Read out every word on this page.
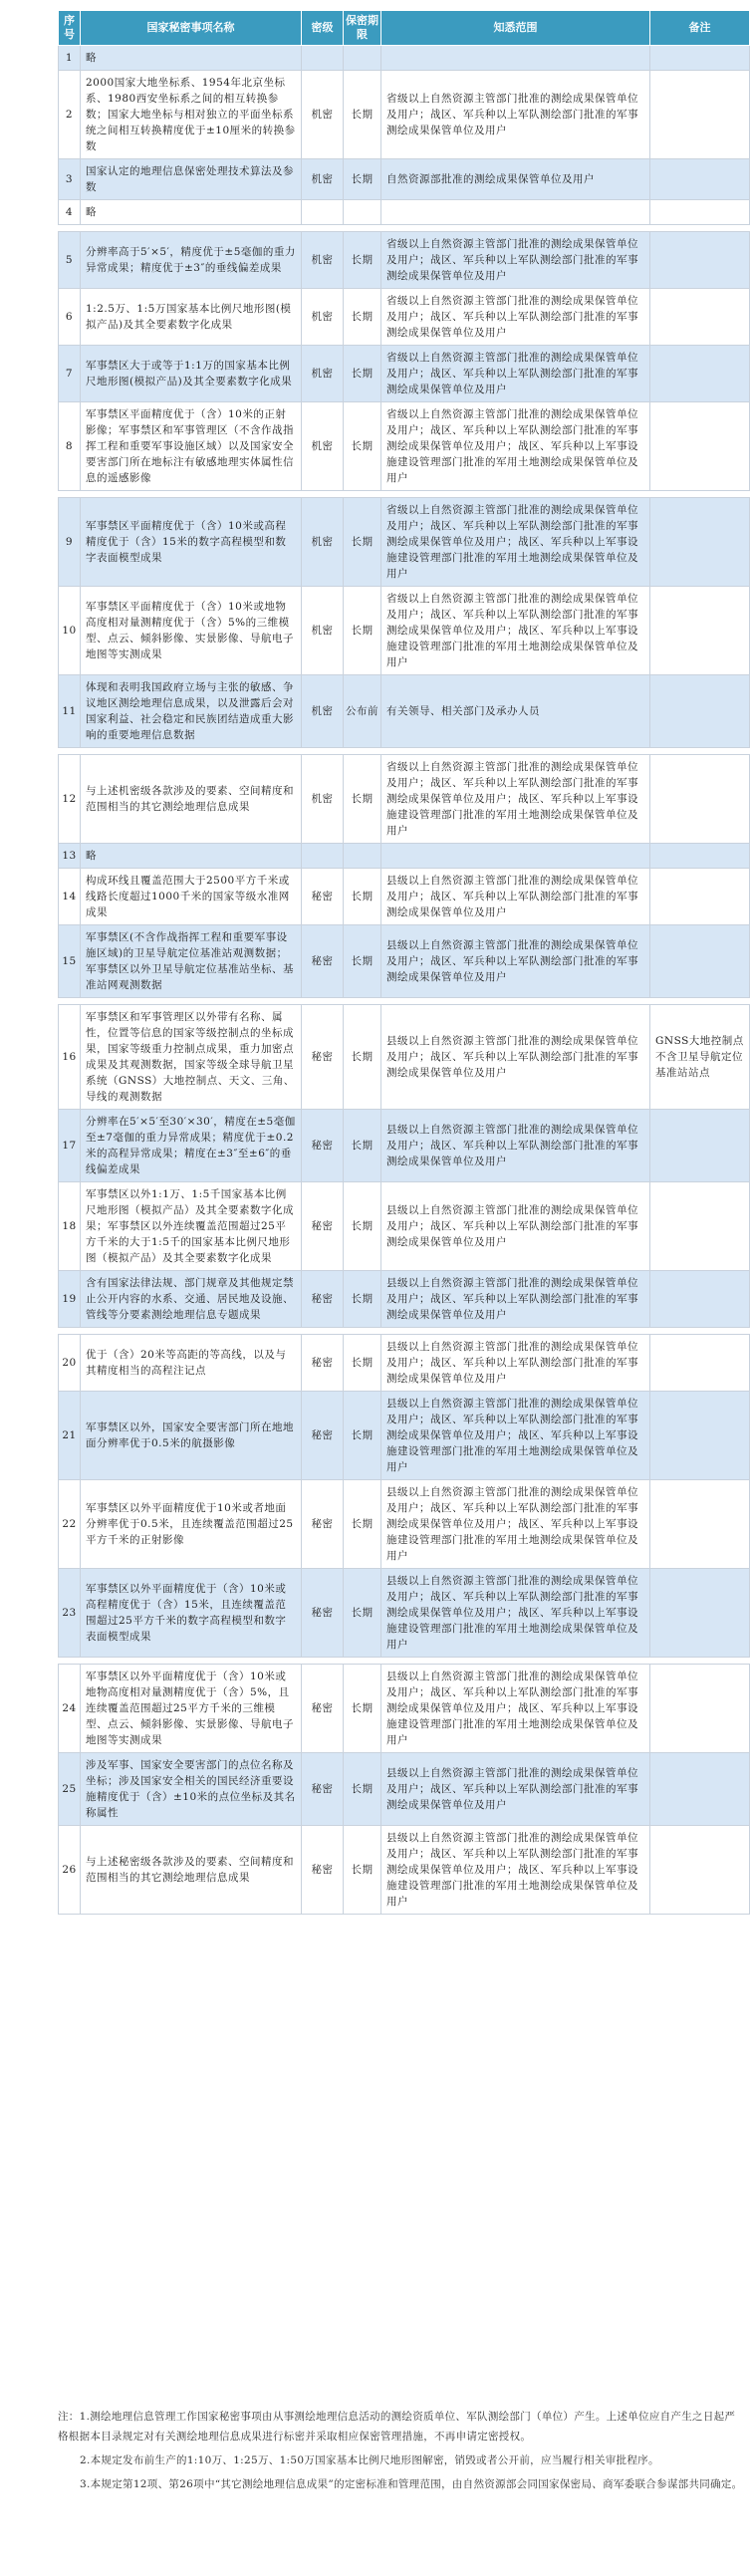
序号	国家秘密事项名称	密级	保密期限	知悉范围	备注
1	略				
2	2000国家大地坐标系、1954年北京坐标系、1980西安坐标系之间的相互转换参数；国家大地坐标与相对独立的平面坐标系统之间相互转换精度优于±10厘米的转换参数	机密	长期	省级以上自然资源主管部门批准的测绘成果保管单位及用户；战区、军兵种以上军队测绘部门批准的军事测绘成果保管单位及用户	
3	国家认定的地理信息保密处理技术算法及参数	机密	长期	自然资源部批准的测绘成果保管单位及用户	
4	略				

5	分辨率高于5′×5′，精度优于±5毫伽的重力异常成果；精度优于±3″的垂线偏差成果	机密	长期	省级以上自然资源主管部门批准的测绘成果保管单位及用户；战区、军兵种以上军队测绘部门批准的军事测绘成果保管单位及用户	
6	1:2.5万、1:5万国家基本比例尺地形图(模拟产品)及其全要素数字化成果	机密	长期	省级以上自然资源主管部门批准的测绘成果保管单位及用户；战区、军兵种以上军队测绘部门批准的军事测绘成果保管单位及用户	
7	军事禁区大于或等于1:1万的国家基本比例尺地形图(模拟产品)及其全要素数字化成果	机密	长期	省级以上自然资源主管部门批准的测绘成果保管单位及用户；战区、军兵种以上军队测绘部门批准的军事测绘成果保管单位及用户	
8	军事禁区平面精度优于（含）10米的正射影像；军事禁区和军事管理区（不含作战指挥工程和重要军事设施区域）以及国家安全要害部门所在地标注有敏感地理实体属性信息的遥感影像	机密	长期	省级以上自然资源主管部门批准的测绘成果保管单位及用户；战区、军兵种以上军队测绘部门批准的军事测绘成果保管单位及用户；战区、军兵种以上军事设施建设管理部门批准的军用土地测绘成果保管单位及用户	

9	军事禁区平面精度优于（含）10米或高程精度优于（含）15米的数字高程模型和数字表面模型成果	机密	长期	省级以上自然资源主管部门批准的测绘成果保管单位及用户；战区、军兵种以上军队测绘部门批准的军事测绘成果保管单位及用户；战区、军兵种以上军事设施建设管理部门批准的军用土地测绘成果保管单位及用户	
10	军事禁区平面精度优于（含）10米或地物高度相对量测精度优于（含）5%的三维模型、点云、倾斜影像、实景影像、导航电子地图等实测成果	机密	长期	省级以上自然资源主管部门批准的测绘成果保管单位及用户；战区、军兵种以上军队测绘部门批准的军事测绘成果保管单位及用户；战区、军兵种以上军事设施建设管理部门批准的军用土地测绘成果保管单位及用户	
11	体现和表明我国政府立场与主张的敏感、争议地区测绘地理信息成果，以及泄露后会对国家利益、社会稳定和民族团结造成重大影响的重要地理信息数据	机密	公布前	有关领导、相关部门及承办人员	

12	与上述机密级各款涉及的要素、空间精度和范围相当的其它测绘地理信息成果	机密	长期	省级以上自然资源主管部门批准的测绘成果保管单位及用户；战区、军兵种以上军队测绘部门批准的军事测绘成果保管单位及用户；战区、军兵种以上军事设施建设管理部门批准的军用土地测绘成果保管单位及用户	
13	略				
14	构成环线且覆盖范围大于2500平方千米或线路长度超过1000千米的国家等级水准网成果	秘密	长期	县级以上自然资源主管部门批准的测绘成果保管单位及用户；战区、军兵种以上军队测绘部门批准的军事测绘成果保管单位及用户	
15	军事禁区(不含作战指挥工程和重要军事设施区域)的卫星导航定位基准站观测数据；军事禁区以外卫星导航定位基准站坐标、基准站网观测数据	秘密	长期	县级以上自然资源主管部门批准的测绘成果保管单位及用户；战区、军兵种以上军队测绘部门批准的军事测绘成果保管单位及用户	

16	军事禁区和军事管理区以外带有名称、属性，位置等信息的国家等级控制点的坐标成果，国家等级重力控制点成果，重力加密点成果及其观测数据，国家等级全球导航卫星系统（GNSS）大地控制点、天文、三角、导线的观测数据	秘密	长期	县级以上自然资源主管部门批准的测绘成果保管单位及用户；战区、军兵种以上军队测绘部门批准的军事测绘成果保管单位及用户	GNSS大地控制点不含卫星导航定位基准站站点
17	分辨率在5′×5′至30′×30′，精度在±5毫伽至±7毫伽的重力异常成果；精度优于±0.2米的高程异常成果；精度在±3″至±6″的垂线偏差成果	秘密	长期	县级以上自然资源主管部门批准的测绘成果保管单位及用户；战区、军兵种以上军队测绘部门批准的军事测绘成果保管单位及用户	
18	军事禁区以外1:1万、1:5千国家基本比例尺地形图（模拟产品）及其全要素数字化成果；军事禁区以外连续覆盖范围超过25平方千米的大于1:5千的国家基本比例尺地形图（模拟产品）及其全要素数字化成果	秘密	长期	县级以上自然资源主管部门批准的测绘成果保管单位及用户；战区、军兵种以上军队测绘部门批准的军事测绘成果保管单位及用户	
19	含有国家法律法规、部门规章及其他规定禁止公开内容的水系、交通、居民地及设施、管线等分要素测绘地理信息专题成果	秘密	长期	县级以上自然资源主管部门批准的测绘成果保管单位及用户；战区、军兵种以上军队测绘部门批准的军事测绘成果保管单位及用户	

20	优于（含）20米等高距的等高线，以及与其精度相当的高程注记点	秘密	长期	县级以上自然资源主管部门批准的测绘成果保管单位及用户；战区、军兵种以上军队测绘部门批准的军事测绘成果保管单位及用户	
21	军事禁区以外，国家安全要害部门所在地地面分辨率优于0.5米的航摄影像	秘密	长期	县级以上自然资源主管部门批准的测绘成果保管单位及用户；战区、军兵种以上军队测绘部门批准的军事测绘成果保管单位及用户；战区、军兵种以上军事设施建设管理部门批准的军用土地测绘成果保管单位及用户	
22	军事禁区以外平面精度优于10米或者地面分辨率优于0.5米，且连续覆盖范围超过25平方千米的正射影像	秘密	长期	县级以上自然资源主管部门批准的测绘成果保管单位及用户；战区、军兵种以上军队测绘部门批准的军事测绘成果保管单位及用户；战区、军兵种以上军事设施建设管理部门批准的军用土地测绘成果保管单位及用户	
23	军事禁区以外平面精度优于（含）10米或高程精度优于（含）15米，且连续覆盖范围超过25平方千米的数字高程模型和数字表面模型成果	秘密	长期	县级以上自然资源主管部门批准的测绘成果保管单位及用户；战区、军兵种以上军队测绘部门批准的军事测绘成果保管单位及用户；战区、军兵种以上军事设施建设管理部门批准的军用土地测绘成果保管单位及用户	

24	军事禁区以外平面精度优于（含）10米或地物高度相对量测精度优于（含）5%，且连续覆盖范围超过25平方千米的三维模型、点云、倾斜影像、实景影像、导航电子地图等实测成果	秘密	长期	县级以上自然资源主管部门批准的测绘成果保管单位及用户；战区、军兵种以上军队测绘部门批准的军事测绘成果保管单位及用户；战区、军兵种以上军事设施建设管理部门批准的军用土地测绘成果保管单位及用户	
25	涉及军事、国家安全要害部门的点位名称及坐标；涉及国家安全相关的国民经济重要设施精度优于（含）±10米的点位坐标及其名称属性	秘密	长期	县级以上自然资源主管部门批准的测绘成果保管单位及用户；战区、军兵种以上军队测绘部门批准的军事测绘成果保管单位及用户	
26	与上述秘密级各款涉及的要素、空间精度和范围相当的其它测绘地理信息成果	秘密	长期	县级以上自然资源主管部门批准的测绘成果保管单位及用户；战区、军兵种以上军队测绘部门批准的军事测绘成果保管单位及用户；战区、军兵种以上军事设施建设管理部门批准的军用土地测绘成果保管单位及用户	

注：1.测绘地理信息管理工作国家秘密事项由从事测绘地理信息活动的测绘资质单位、军队测绘部门（单位）产生。上述单位应自产生之日起严格根据本目录规定对有关测绘地理信息成果进行标密并采取相应保密管理措施，不再申请定密授权。

2.本规定发布前生产的1:10万、1:25万、1:50万国家基本比例尺地形图解密，销毁或者公开前，应当履行相关审批程序。

3.本规定第12项、第26项中“其它测绘地理信息成果”的定密标准和管理范围，由自然资源部会同国家保密局、商军委联合参谋部共同确定。
